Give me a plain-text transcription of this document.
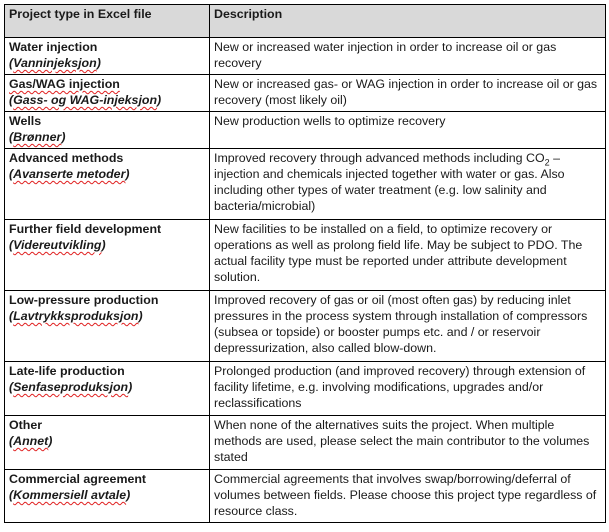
Project type in Excel file	Description

Water injection
(Vanninjeksjon)	New or increased water injection in order to increase oil or gas recovery

Gas/WAG injection
(Gass- og WAG-injeksjon)	New or increased gas- or WAG injection in order to increase oil or gas recovery (most likely oil)

Wells
(Brønner)	New production wells to optimize recovery

Advanced methods
(Avanserte metoder)	Improved recovery through advanced methods including $CO_2$ – injection and chemicals injected together with water or gas. Also including other types of water treatment (e.g. low salinity and bacteria/microbial)

Further field development
(Videreutvikling)	New facilities to be installed on a field, to optimize recovery or operations as well as prolong field life. May be subject to PDO. The actual facility type must be reported under attribute development solution.

Low-pressure production
(Lavtrykksproduksjon)	Improved recovery of gas or oil (most often gas) by reducing inlet pressures in the process system through installation of compressors (subsea or topside) or booster pumps etc. and / or reservoir depressurization, also called blow-down.

Late-life production
(Senfaseproduksjon)	Prolonged production (and improved recovery) through extension of facility lifetime, e.g. involving modifications, upgrades and/or reclassifications

Other
(Annet)	When none of the alternatives suits the project. When multiple methods are used, please select the main contributor to the volumes stated

Commercial agreement
(Kommersiell avtale)	Commercial agreements that involves swap/borrowing/deferral of volumes between fields. Please choose this project type regardless of resource class.
